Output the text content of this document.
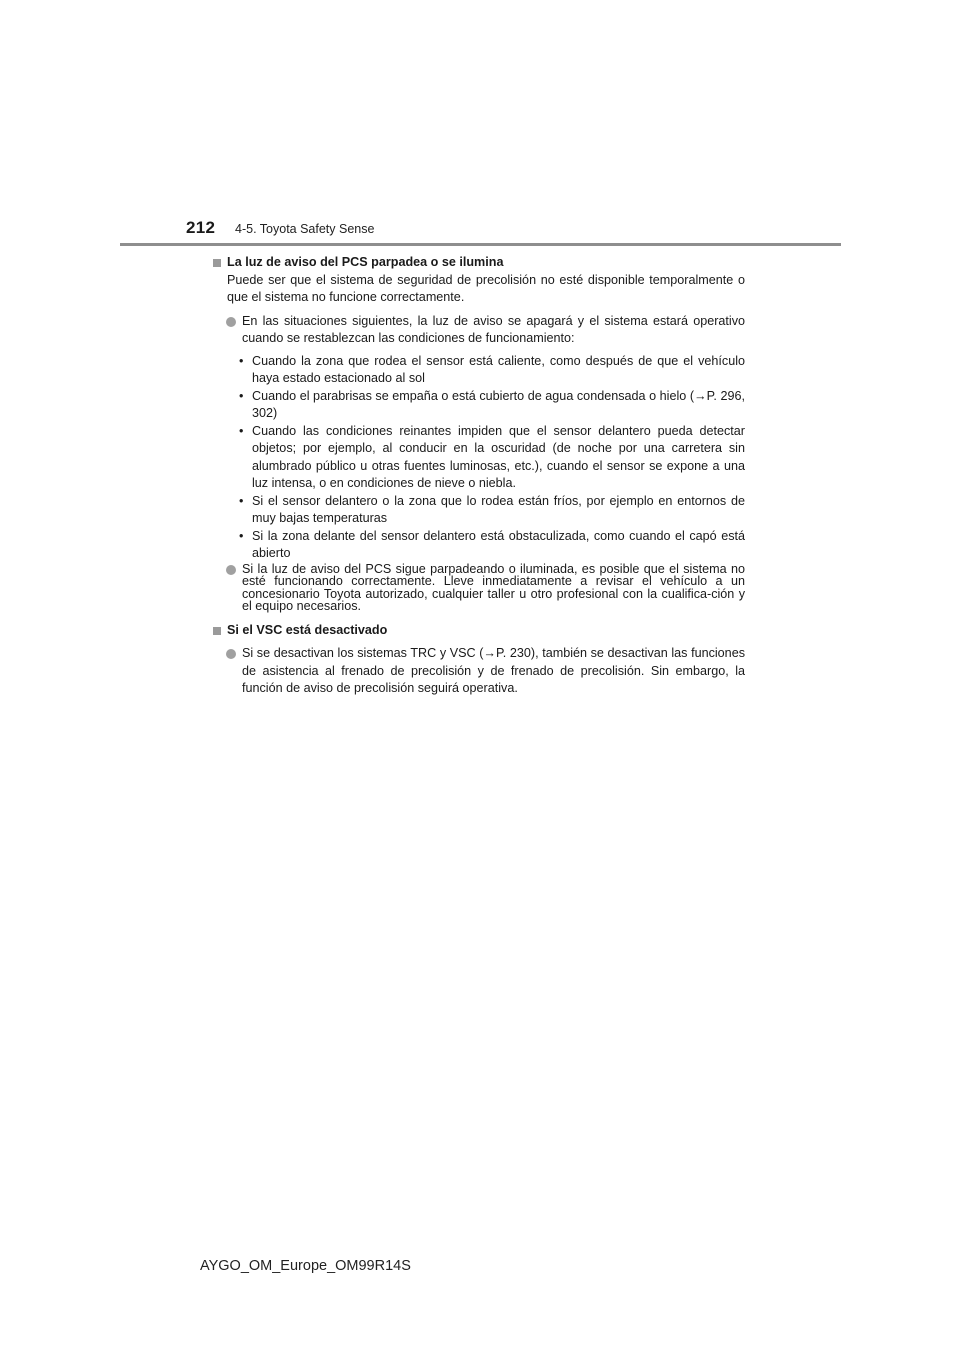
212 4-5. Toyota Safety Sense
La luz de aviso del PCS parpadea o se ilumina
Puede ser que el sistema de seguridad de precolisión no esté disponible temporalmente o que el sistema no funcione correctamente.
En las situaciones siguientes, la luz de aviso se apagará y el sistema estará operativo cuando se restablezcan las condiciones de funcionamiento:
• Cuando la zona que rodea el sensor está caliente, como después de que el vehículo haya estado estacionado al sol
• Cuando el parabrisas se empaña o está cubierto de agua condensada o hielo (→P. 296, 302)
• Cuando las condiciones reinantes impiden que el sensor delantero pueda detectar objetos; por ejemplo, al conducir en la oscuridad (de noche por una carretera sin alumbrado público u otras fuentes luminosas, etc.), cuando el sensor se expone a una luz intensa, o en condiciones de nieve o niebla.
• Si el sensor delantero o la zona que lo rodea están fríos, por ejemplo en entornos de muy bajas temperaturas
• Si la zona delante del sensor delantero está obstaculizada, como cuando el capó está abierto
Si la luz de aviso del PCS sigue parpadeando o iluminada, es posible que el sistema no esté funcionando correctamente. Lleve inmediatamente a revisar el vehículo a un concesionario Toyota autorizado, cualquier taller u otro profesional con la cualifica-ción y el equipo necesarios.
Si el VSC está desactivado
Si se desactivan los sistemas TRC y VSC (→P. 230), también se desactivan las funciones de asistencia al frenado de precolisión y de frenado de precolisión. Sin embargo, la función de aviso de precolisión seguirá operativa.
AYGO_OM_Europe_OM99R14S
